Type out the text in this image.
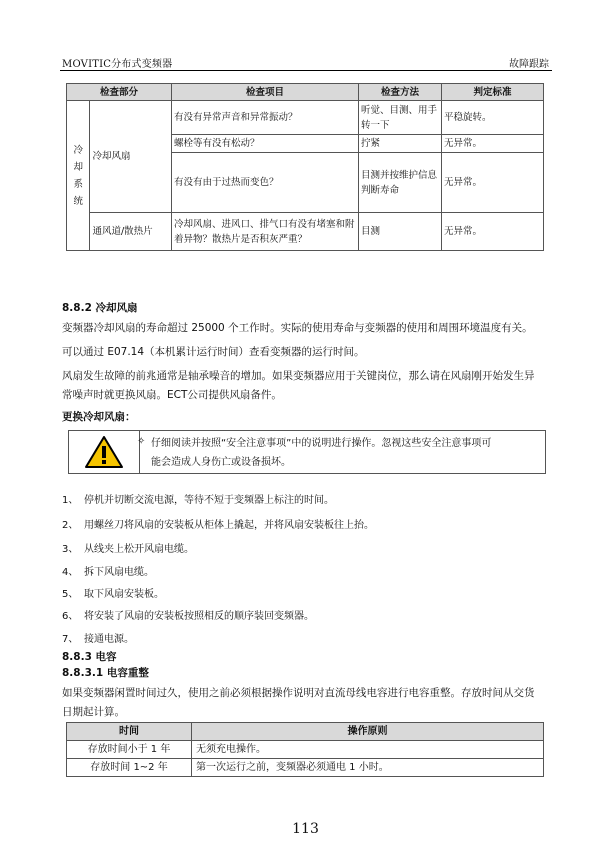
MOVITIC分布式变频器	故障跟踪
检查部分		检查项目	检查方法	判定标准
冷却系统	冷却风扇	有没有异常声音和异常振动？	听觉、目测、用手转一下	平稳旋转。
		螺栓等有没有松动？	拧紧	无异常。
		有没有由于过热而变色？	目测并按维护信息判断寿命	无异常。
	通风道/散热片	冷却风扇、进风口、排气口有没有堵塞和附着异物？散热片是否积灰严重？	目测	无异常。
8.8.2 冷却风扇
变频器冷却风扇的寿命超过 25000 个工作时。实际的使用寿命与变频器的使用和周围环境温度有关。
可以通过 E07.14（本机累计运行时间）查看变频器的运行时间。
风扇发生故障的前兆通常是轴承噪音的增加。如果变频器应用于关键岗位，那么请在风扇刚开始发生异
常噪声时就更换风扇。ECT公司提供风扇备件。
更换冷却风扇：
✧ 仔细阅读并按照“安全注意事项”中的说明进行操作。忽视这些安全注意事项可
能会造成人身伤亡或设备损坏。
1、 停机并切断交流电源，等待不短于变频器上标注的时间。
2、 用螺丝刀将风扇的安装板从柜体上撬起，并将风扇安装板往上抬。
3、 从线夹上松开风扇电缆。
4、 拆下风扇电缆。
5、 取下风扇安装板。
6、 将安装了风扇的安装板按照相反的顺序装回变频器。
7、 接通电源。
8.8.3 电容
8.8.3.1 电容重整
如果变频器闲置时间过久，使用之前必须根据操作说明对直流母线电容进行电容重整。存放时间从交货
日期起计算。
时间	操作原则
存放时间小于 1 年	无须充电操作。
存放时间 1~2 年	第一次运行之前，变频器必须通电 1 小时。
113
